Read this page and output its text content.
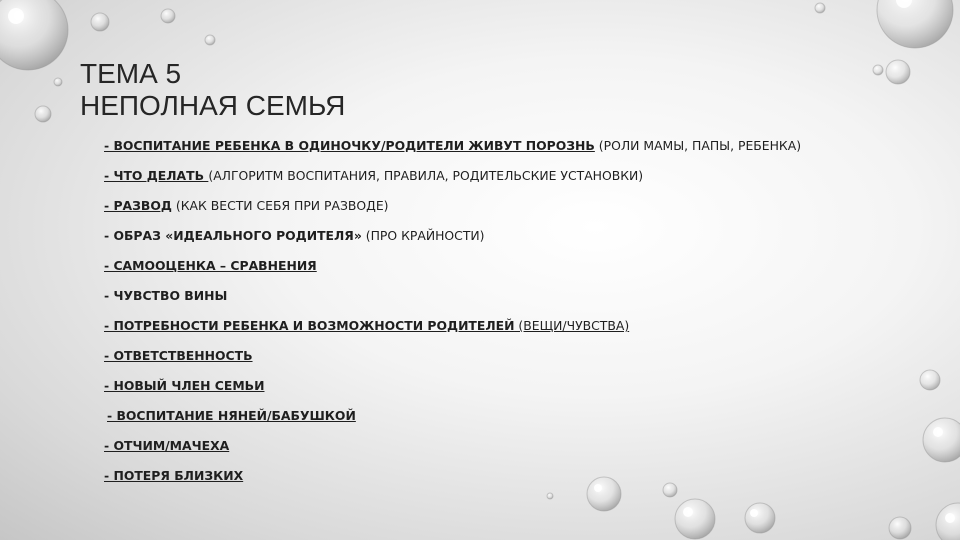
ТЕМА 5
НЕПОЛНАЯ СЕМЬЯ
- ВОСПИТАНИЕ РЕБЕНКА В ОДИНОЧКУ/РОДИТЕЛИ ЖИВУТ ПОРОЗНЬ (РОЛИ МАМЫ, ПАПЫ, РЕБЕНКА)
- ЧТО ДЕЛАТЬ (АЛГОРИТМ ВОСПИТАНИЯ, ПРАВИЛА, РОДИТЕЛЬСКИЕ УСТАНОВКИ)
- РАЗВОД (КАК ВЕСТИ СЕБЯ ПРИ РАЗВОДЕ)
- ОБРАЗ «ИДЕАЛЬНОГО РОДИТЕЛЯ» (ПРО КРАЙНОСТИ)
- САМООЦЕНКА – СРАВНЕНИЯ
- ЧУВСТВО ВИНЫ
- ПОТРЕБНОСТИ РЕБЕНКА И ВОЗМОЖНОСТИ РОДИТЕЛЕЙ (ВЕЩИ/ЧУВСТВА)
- ОТВЕТСТВЕННОСТЬ
- НОВЫЙ ЧЛЕН СЕМЬИ
- ВОСПИТАНИЕ НЯНЕЙ/БАБУШКОЙ
- ОТЧИМ/МАЧЕХА
- ПОТЕРЯ БЛИЗКИХ
